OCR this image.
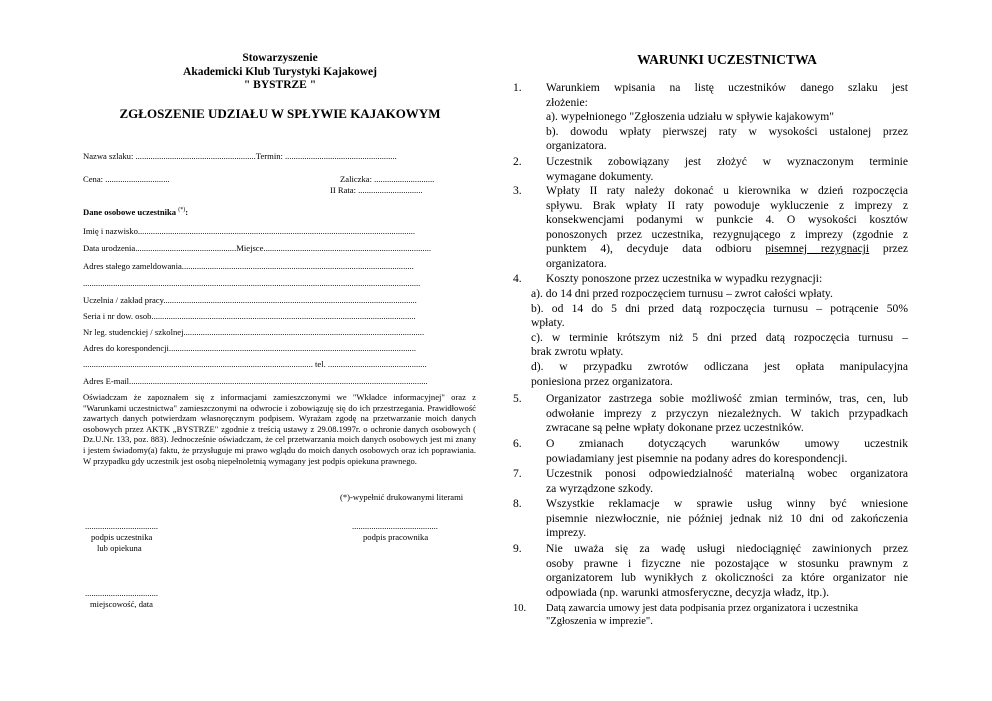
Stowarzyszenie
Akademicki Klub Turystyki Kajakowej
" BYSTRZE "
ZGŁOSZENIE UDZIAŁU W SPŁYWIE KAJAKOWYM
Nazwa szlaku: ........................................................Termin: ....................................................
Cena: ..............................	Zaliczka: ............................
II Rata: ..............................
Dane osobowe uczestnika (*):
Imię i nazwisko.................................................................................................................................
Data urodzenia...............................................Miejsce..............................................................................
Adres stałego zameldowania............................................................................................................
.............................................................................................................................................................
Uczelnia / zakład pracy......................................................................................................................
Seria i nr dow. osob...........................................................................................................................
Nr leg. studenckiej / szkolnej................................................................................................................
Adres do korespondencji...................................................................................................................
........................................................................................................... tel. ..............................................
Adres E-mail...........................................................................................................................................
Oświadczam że zapoznałem się z informacjami zamieszczonymi we "Wkładce informacyjnej" oraz z "Warunkami uczestnictwa" zamieszczonymi na odwrocie i zobowiązuję się do ich przestrzegania. Prawidłowość zawartych danych potwierdzam własnoręcznym podpisem. Wyrażam zgodę na przetwarzanie moich danych osobowych przez AKTK „BYSTRZE" zgodnie z treścią ustawy z 29.08.1997r. o ochronie danych osobowych ( Dz.U.Nr. 133, poz. 883). Jednocześnie oświadczam, że cel przetwarzania moich danych osobowych jest mi znany i jestem świadomy(a) faktu, że przysługuje mi prawo wglądu do moich danych osobowych oraz ich poprawiania. W przypadku gdy uczestnik jest osobą niepełnoletnią wymagany jest podpis opiekuna prawnego.
(*)-wypełnić drukowanymi literami
..................................
podpis uczestnika
lub opiekuna
........................................
podpis pracownika
..................................
miejscowość, data
WARUNKI UCZESTNICTWA
1.	Warunkiem wpisania na listę uczestników danego szlaku jest
złożenie:
a). wypełnionego "Zgłoszenia udziału w spływie kajakowym"
b). dowodu wpłaty pierwszej raty w wysokości ustalonej przez
organizatora.
2.	Uczestnik zobowiązany jest złożyć w wyznaczonym terminie
wymagane dokumenty.
3.	Wpłaty II raty należy dokonać u kierownika w dzień rozpoczęcia
spływu. Brak wpłaty II raty powoduje wykluczenie z imprezy z
konsekwencjami podanymi w punkcie 4. O wysokości kosztów
ponoszonych przez uczestnika, rezygnującego z imprezy (zgodnie z
punktem 4), decyduje data odbioru pisemnej rezygnacji przez
organizatora.
4.	Koszty ponoszone przez uczestnika w wypadku rezygnacji:
a). do 14 dni przed rozpoczęciem turnusu – zwrot całości wpłaty.
b). od 14 do 5 dni przed datą rozpoczęcia turnusu – potrącenie 50%
wpłaty.
c). w terminie krótszym niż 5 dni przed datą rozpoczęcia turnusu –
brak zwrotu wpłaty.
d). w przypadku zwrotów odliczana jest opłata manipulacyjna
poniesiona przez organizatora.
5.	Organizator zastrzega sobie możliwość zmian terminów, tras, cen, lub
odwołanie imprezy z przyczyn niezależnych. W takich przypadkach
zwracane są pełne wpłaty dokonane przez uczestników.
6.	O zmianach dotyczących warunków umowy uczestnik
powiadamiany jest pisemnie na podany adres do korespondencji.
7.	Uczestnik ponosi odpowiedzialność materialną wobec organizatora
za wyrządzone szkody.
8.	Wszystkie reklamacje w sprawie usług winny być wniesione
pisemnie niezwłocznie, nie później jednak niż 10 dni od zakończenia
imprezy.
9.	Nie uważa się za wadę usługi niedociągnięć zawinionych przez
osoby prawne i fizyczne nie pozostające w stosunku prawnym z
organizatorem lub wynikłych z okoliczności za które organizator nie
odpowiada (np. warunki atmosferyczne, decyzja władz, itp.).
10.	Datą zawarcia umowy jest data podpisania przez organizatora i uczestnika
"Zgłoszenia w imprezie".
